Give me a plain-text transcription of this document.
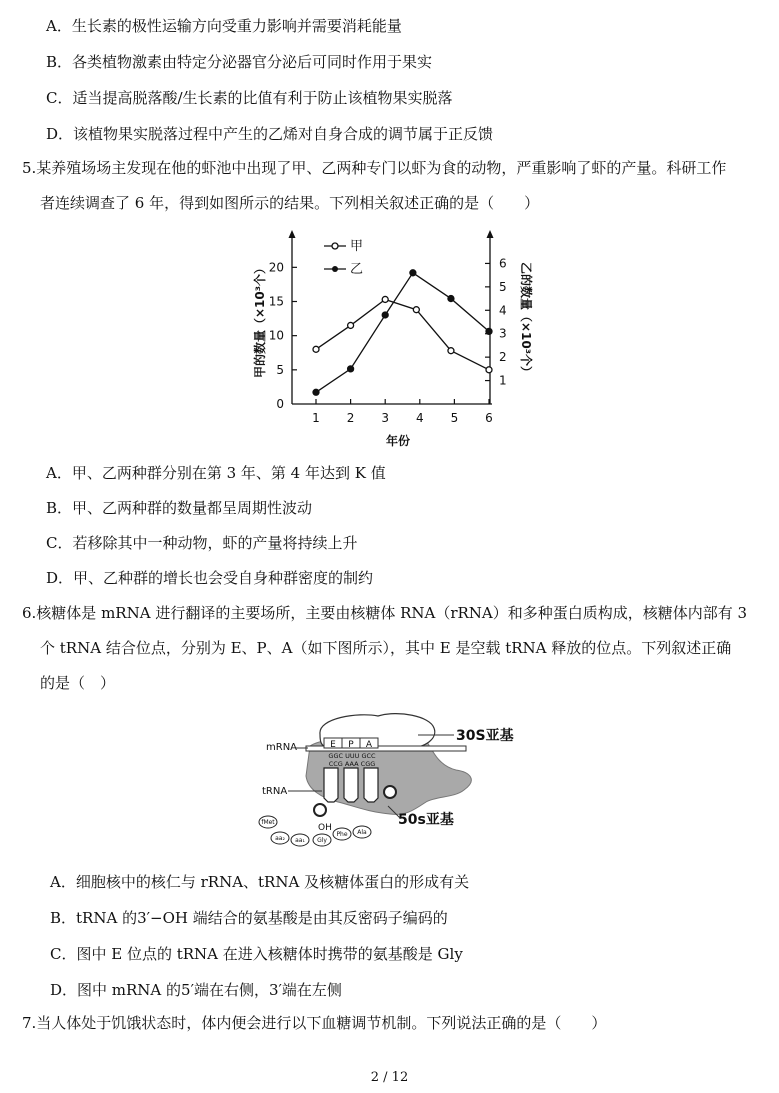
A．生长素的极性运输方向受重力影响并需要消耗能量
B．各类植物激素由特定分泌器官分泌后可同时作用于果实
C．适当提高脱落酸/生长素的比值有利于防止该植物果实脱落
D．该植物果实脱落过程中产生的乙烯对自身合成的调节属于正反馈
5.某养殖场场主发现在他的虾池中出现了甲、乙两种专门以虾为食的动物，严重影响了虾的产量。科研工作
者连续调查了 6 年，得到如图所示的结果。下列相关叙述正确的是（　　）
0
5
10
15
20
1
2
3
4
5
6
1 2 3 4 5 6
甲的数量（×10³个）	乙的数量（×10³个）
年份
甲
乙
A．甲、乙两种群分别在第 3 年、第 4 年达到 K 值
B．甲、乙两种群的数量都呈周期性波动
C．若移除其中一种动物，虾的产量将持续上升
D．甲、乙种群的增长也会受自身种群密度的制约
6.核糖体是 mRNA 进行翻译的主要场所，主要由核糖体 RNA（rRNA）和多种蛋白质构成，核糖体内部有 3
个 tRNA 结合位点，分别为 E、P、A（如下图所示），其中 E 是空载 tRNA 释放的位点。下列叙述正确
的是（　）
E P A
GGC UUU GCC
CCG AAA CGG
mRNA
tRNA
30S亚基
50s亚基
OH
fMet
aa₂ aa₁ Gly
Phe Ala
A．细胞核中的核仁与 rRNA、tRNA 及核糖体蛋白的形成有关
B．tRNA 的3′−OH 端结合的氨基酸是由其反密码子编码的
C．图中 E 位点的 tRNA 在进入核糖体时携带的氨基酸是 Gly
D．图中 mRNA 的5′端在右侧，3′端在左侧
7.当人体处于饥饿状态时，体内便会进行以下血糖调节机制。下列说法正确的是（　　）
2 / 12
